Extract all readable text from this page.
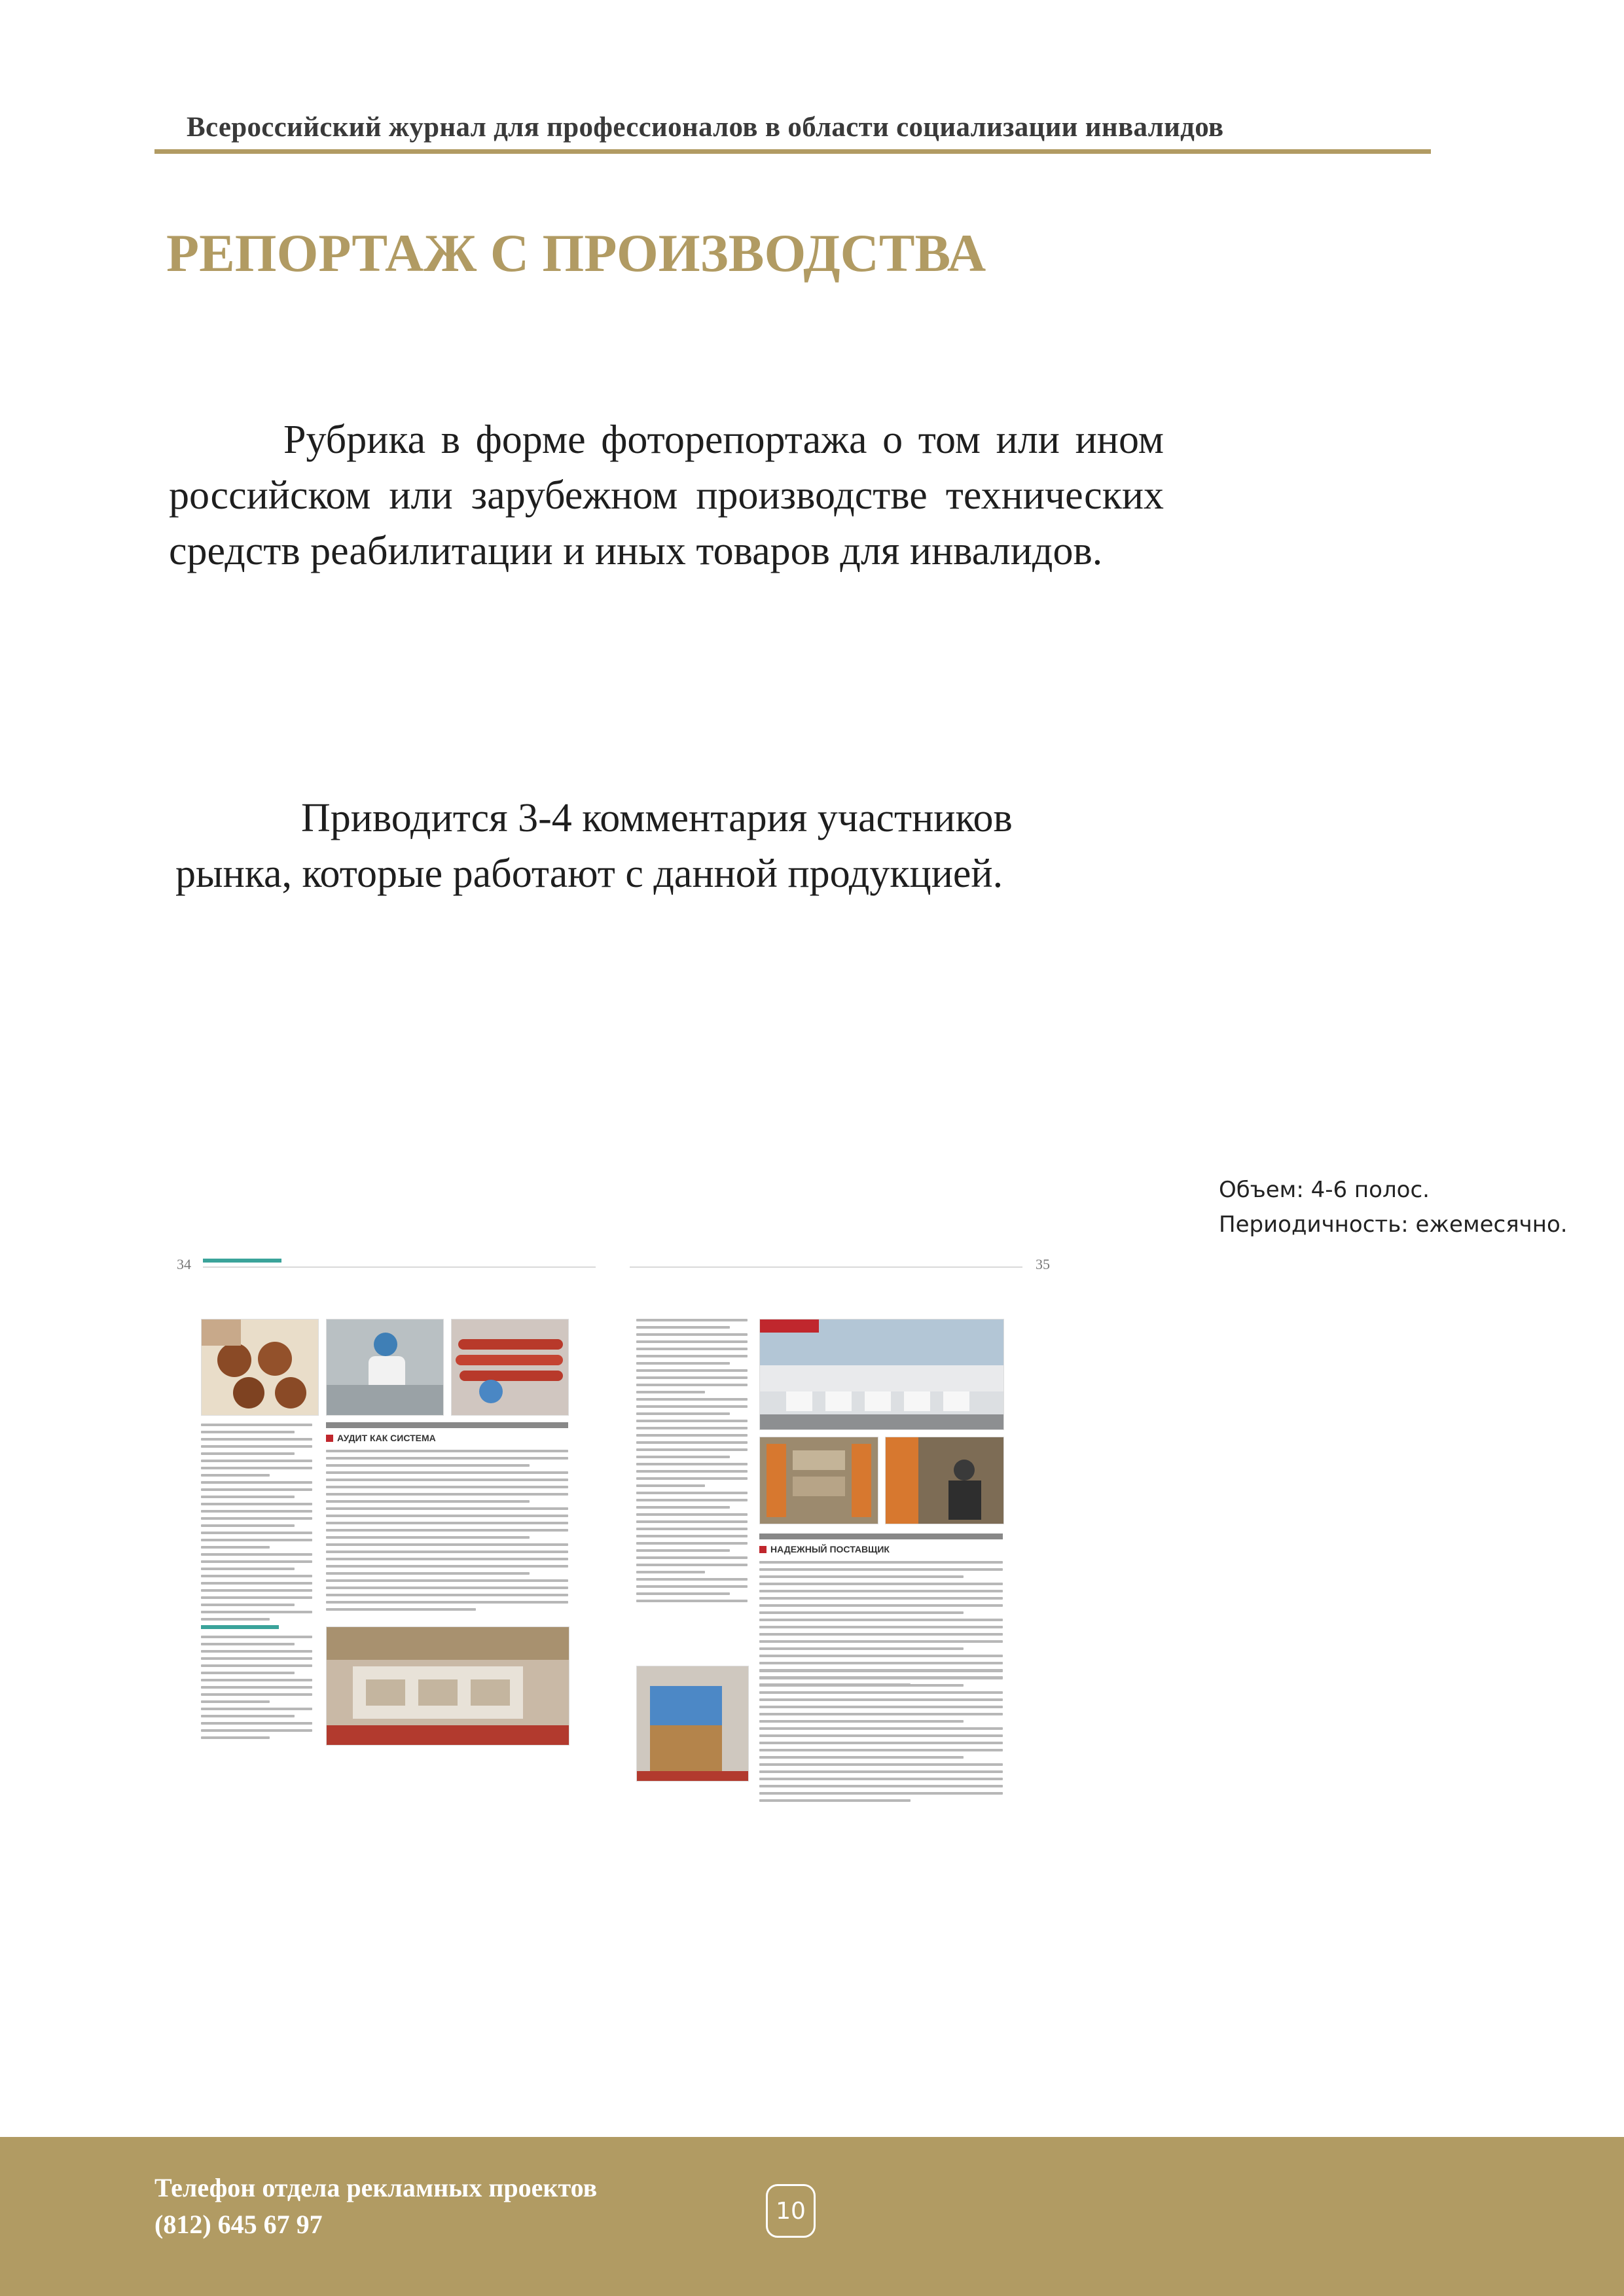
Всероссийский журнал для профессионалов в области социализации инвалидов
РЕПОРТАЖ С ПРОИЗВОДСТВА
Рубрика в форме фоторепортажа о том или ином российском или зарубежном производстве технических средств реабилитации и иных товаров для инвалидов.
Приводится 3-4 комментария участников
рынка, которые работают с данной продукцией.
Объем: 4-6 полос.
Периодичность: ежемесячно.
34
АУДИТ КАК СИСТЕМА
35
НАДЕЖНЫЙ ПОСТАВЩИК
Телефон отдела рекламных проектов
(812) 645 67 97	10
